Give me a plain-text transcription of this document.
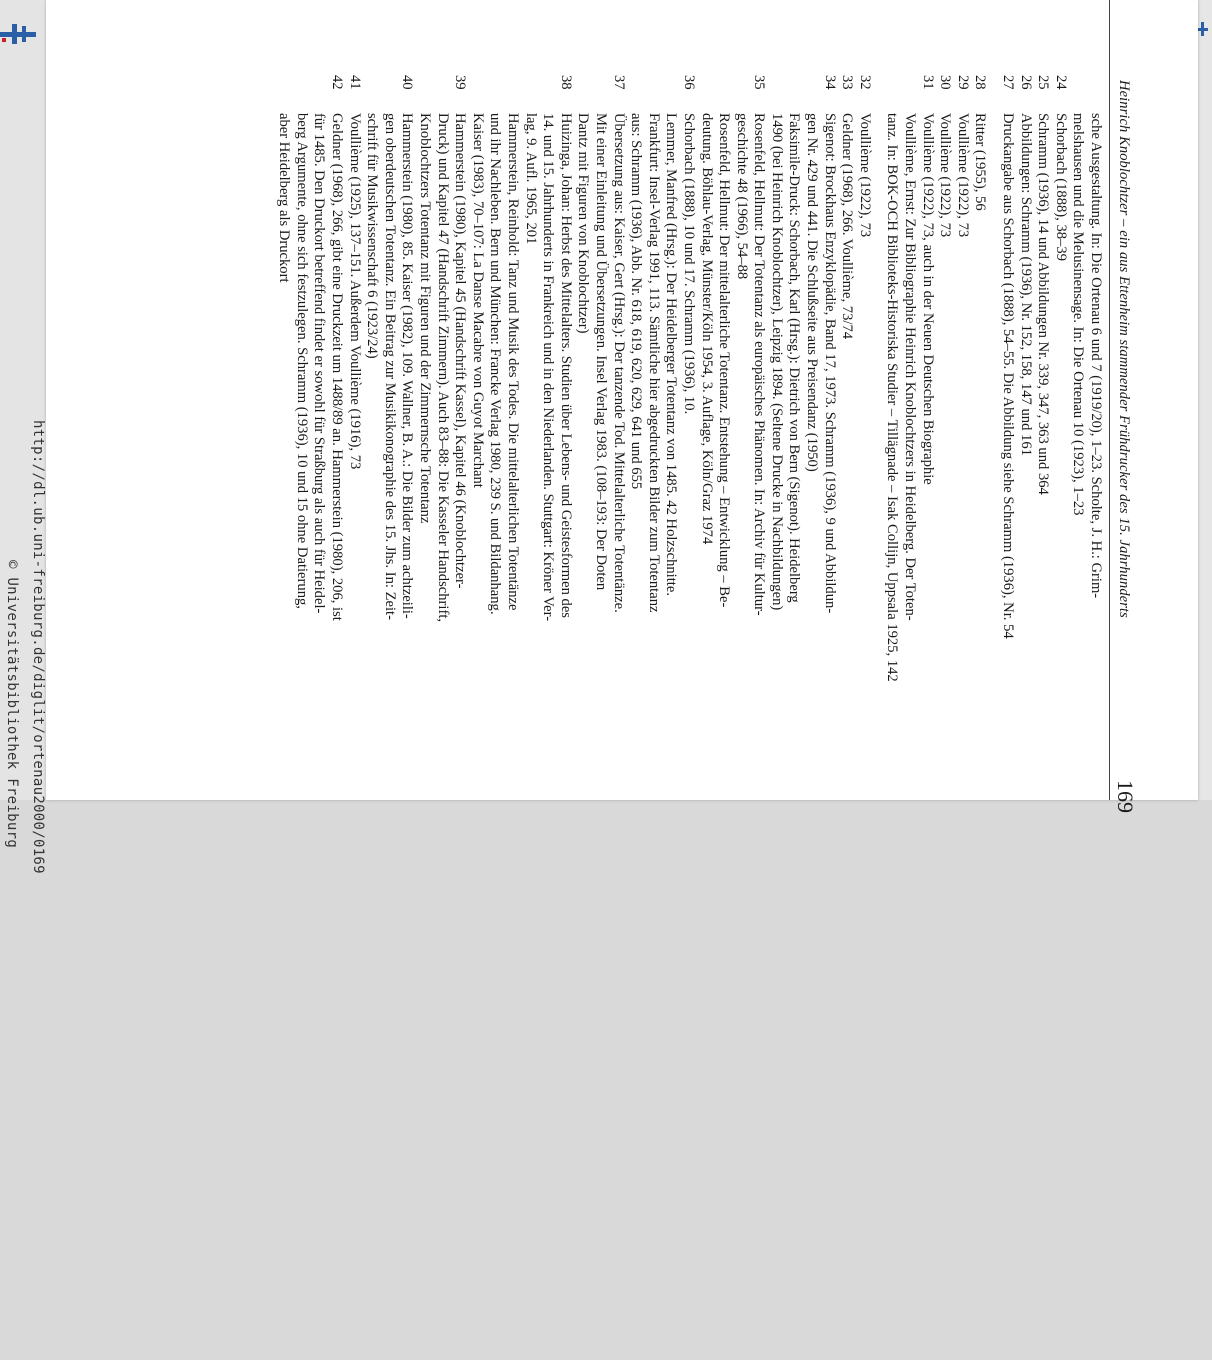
Heinrich Knoblochtzer – ein aus Ettenheim stammender Frühdrucker des 15. Jahrhunderts
169
sche Ausgestaltung. In: Die Ortenau 6 und 7 (1919/20), 1–23. Scholte, J. H.: Grim-
melshausen und die Melusinensage. In: Die Ortenau 10 (1923), 1–23
24
Schorbach (1888), 38–39
25
Schramm (1936), 14 und Abbildungen Nr. 339, 347, 363 und 364
26
Abbildungen: Schramm (1936), Nr. 152, 158, 147 und 161
27
Druckangabe aus Schorbach (1888), 54–55. Die Abbildung siehe Schramm (1936), Nr. 54
28
Ritter (1955), 56
29
Voullième (1922), 73
30
Voullième (1922), 73
31
Voullième (1922), 73, auch in der Neuen Deutschen Biographie
Voullième, Ernst: Zur Bibliographie Heinrich Knoblochtzers in Heidelberg. Der Toten-
tanz. In: BOK-OCH Biblioteks-Historiska Studier – Tillägnade – Isak Collijn, Uppsala 1925, 142
32
Voullième (1922), 73
33
Geldner (1968), 266. Voullième, 73/74
34
Sigenot: Brockhaus Enzyklopädie, Band 17, 1973. Schramm (1936), 9 und Abbildun-
gen Nr. 429 und 441. Die Schlußseite aus Preisendanz (1950)
Faksimile-Druck: Schorbach, Karl (Hrsg.): Dietrich von Bern (Sigenot). Heidelberg
1490 (bei Heinrich Knoblochtzer), Leipzig 1894. (Seltene Drucke in Nachbildungen)
35
Rosenfeld, Hellmut: Der Totentanz als europäisches Phänomen. In: Archiv für Kultur-
geschichte 48 (1966), 54–88
Rosenfeld, Hellmut: Der mittelalterliche Totentanz. Entstehung – Entwicklung – Be-
deutung. Böhlau-Verlag, Münster/Köln 1954, 3. Auflage, Köln/Graz 1974
36
Schorbach (1888), 10 und 17. Schramm (1936), 10.
Lemmer, Manfred (Hrsg.): Der Heidelberger Totentanz von 1485. 42 Holzschnitte.
Frankfurt: Insel-Verlag 1991, 113. Sämtliche hier abgedruckten Bilder zum Totentanz
aus: Schramm (1936), Abb. Nr. 618, 619, 620, 629, 641 und 655
37
Übersetzung aus: Kaiser, Gert (Hrsg.): Der tanzende Tod. Mittelalterliche Totentänze.
Mit einer Einleitung und Übersetzungen. Insel Verlag 1983. (108–193: Der Doten
Dantz mit Figuren von Knoblochtzer)
38
Huizinga, Johan: Herbst des Mittelalters. Studien über Lebens- und Geistesformen des
14. und 15. Jahrhunderts in Frankreich und in den Niederlanden. Stuttgart: Kröner Ver-
lag, 9. Aufl. 1965, 201
Hammerstein, Reinhold: Tanz und Musik des Todes. Die mittelalterlichen Totentänze
und ihr Nachleben. Bern und München: Francke Verlag 1980, 239 S. und Bildanhang.
Kaiser (1983), 70–107: La Danse Macabre von Guyot Marchant
39
Hammerstein (1980), Kapitel 45 (Handschrift Kassel), Kapitel 46 (Knoblochtzer-
Druck) und Kapitel 47 (Handschrift Zimmern). Auch 83–88: Die Kasseler Handschrift,
Knoblochtzers Totentanz mit Figuren und der Zimmernsche Totentanz
40
Hammerstein (1980), 85. Kaiser (1982), 109. Wallner, B. A.: Die Bilder zum achtzeili-
gen oberdeutschen Totentanz. Ein Beitrag zur Musikikonographie des 15. Jhs. In: Zeit-
schrift für Musikwissenschaft 6 (1923/24)
41
Voullième (1925), 137–151. Außerdem Voullième (1916), 73
42
Geldner (1968), 266, gibt eine Druckzeit um 1488/89 an. Hammerstein (1980), 206, ist
für 1485. Den Druckort betreffend findet er sowohl für Straßburg als auch für Heidel-
berg Argumente, ohne sich festzulegen. Schramm (1936), 10 und 15 ohne Datierung,
aber Heidelberg als Druckort
http://dl.ub.uni-freiburg.de/diglit/ortenau2000/0169
© Universitätsbibliothek Freiburg
